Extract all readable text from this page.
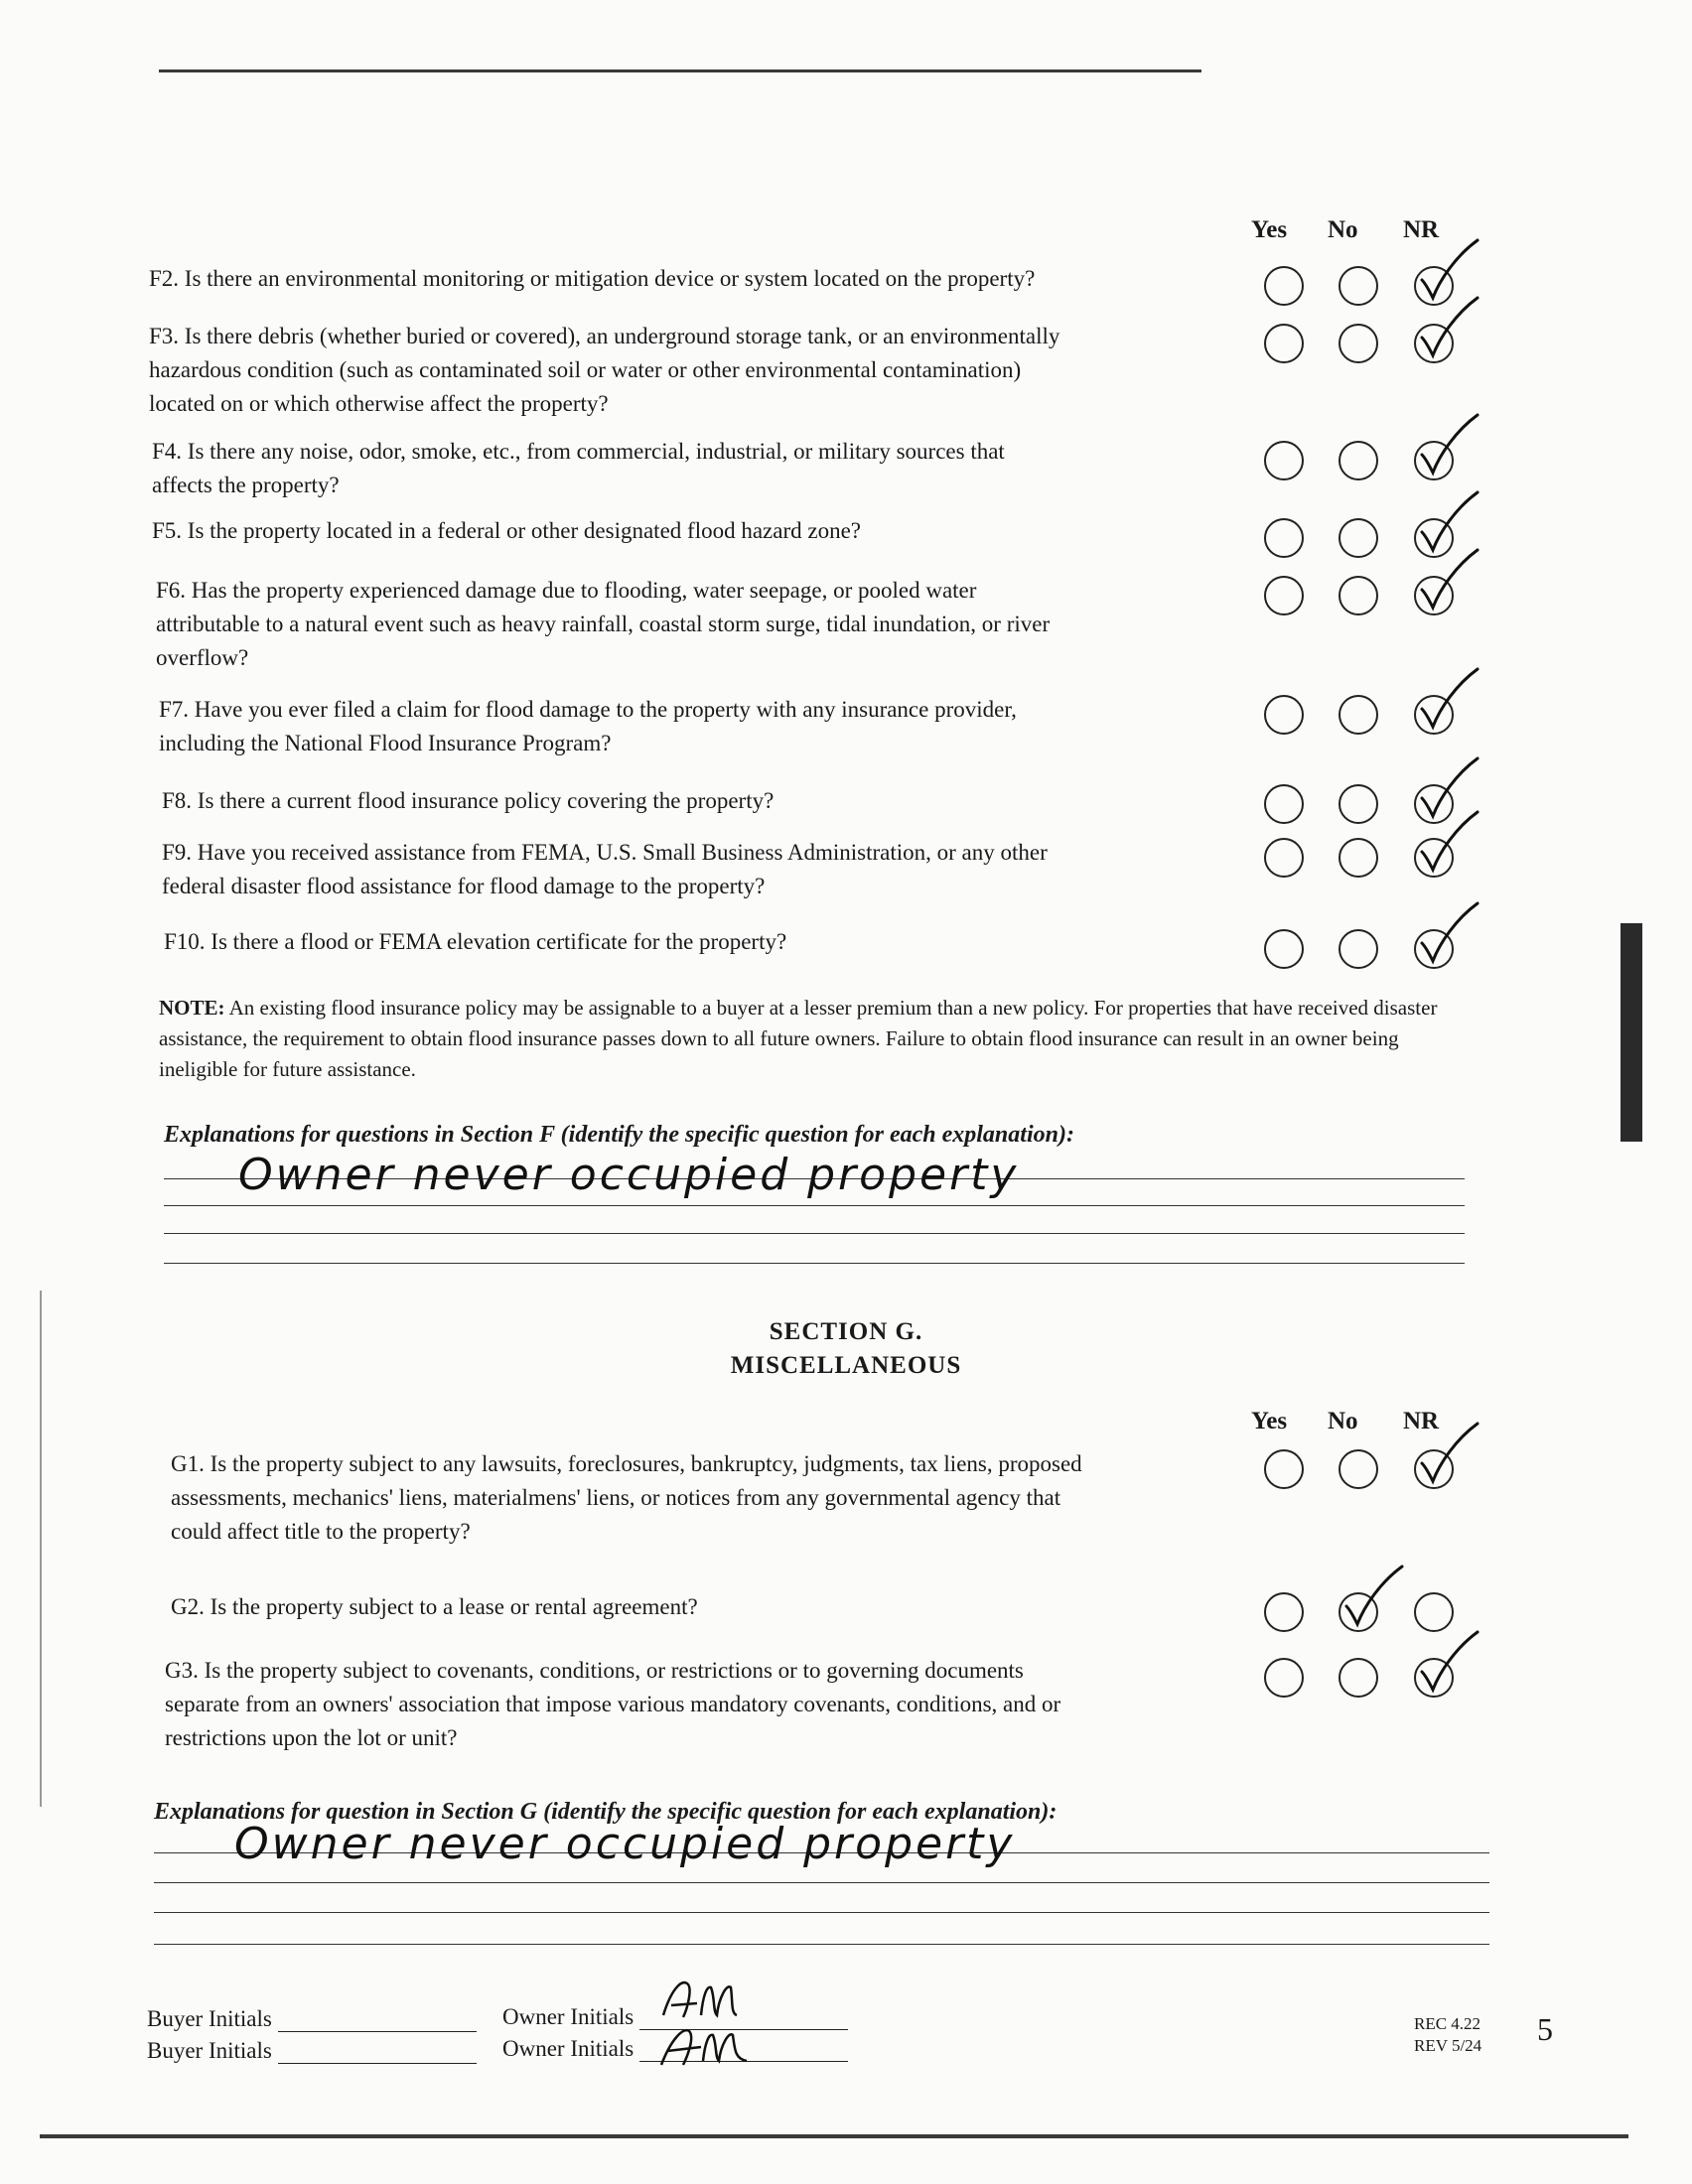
Yes No NR
F2. Is there an environmental monitoring or mitigation device or system located on the property?
F3. Is there debris (whether buried or covered), an underground storage tank, or an environmentally
hazardous condition (such as contaminated soil or water or other environmental contamination)
located on or which otherwise affect the property?
F4. Is there any noise, odor, smoke, etc., from commercial, industrial, or military sources that
affects the property?
F5. Is the property located in a federal or other designated flood hazard zone?
F6. Has the property experienced damage due to flooding, water seepage, or pooled water
attributable to a natural event such as heavy rainfall, coastal storm surge, tidal inundation, or river
overflow?
F7. Have you ever filed a claim for flood damage to the property with any insurance provider,
including the National Flood Insurance Program?
F8. Is there a current flood insurance policy covering the property?
F9. Have you received assistance from FEMA, U.S. Small Business Administration, or any other
federal disaster flood assistance for flood damage to the property?
F10. Is there a flood or FEMA elevation certificate for the property?
NOTE: An existing flood insurance policy may be assignable to a buyer at a lesser premium than a new policy. For properties that have received disaster assistance, the requirement to obtain flood insurance passes down to all future owners. Failure to obtain flood insurance can result in an owner being ineligible for future assistance.
Explanations for questions in Section F (identify the specific question for each explanation):
Owner never occupied property
SECTION G.
MISCELLANEOUS
Yes No NR
G1. Is the property subject to any lawsuits, foreclosures, bankruptcy, judgments, tax liens, proposed
assessments, mechanics' liens, materialmens' liens, or notices from any governmental agency that
could affect title to the property?
G2. Is the property subject to a lease or rental agreement?
G3. Is the property subject to covenants, conditions, or restrictions or to governing documents
separate from an owners' association that impose various mandatory covenants, conditions, and or
restrictions upon the lot or unit?
Explanations for question in Section G (identify the specific question for each explanation):
Owner never occupied property
Buyer Initials
Buyer Initials
Owner Initials
Owner Initials
REC 4.22
REV 5/24 5
